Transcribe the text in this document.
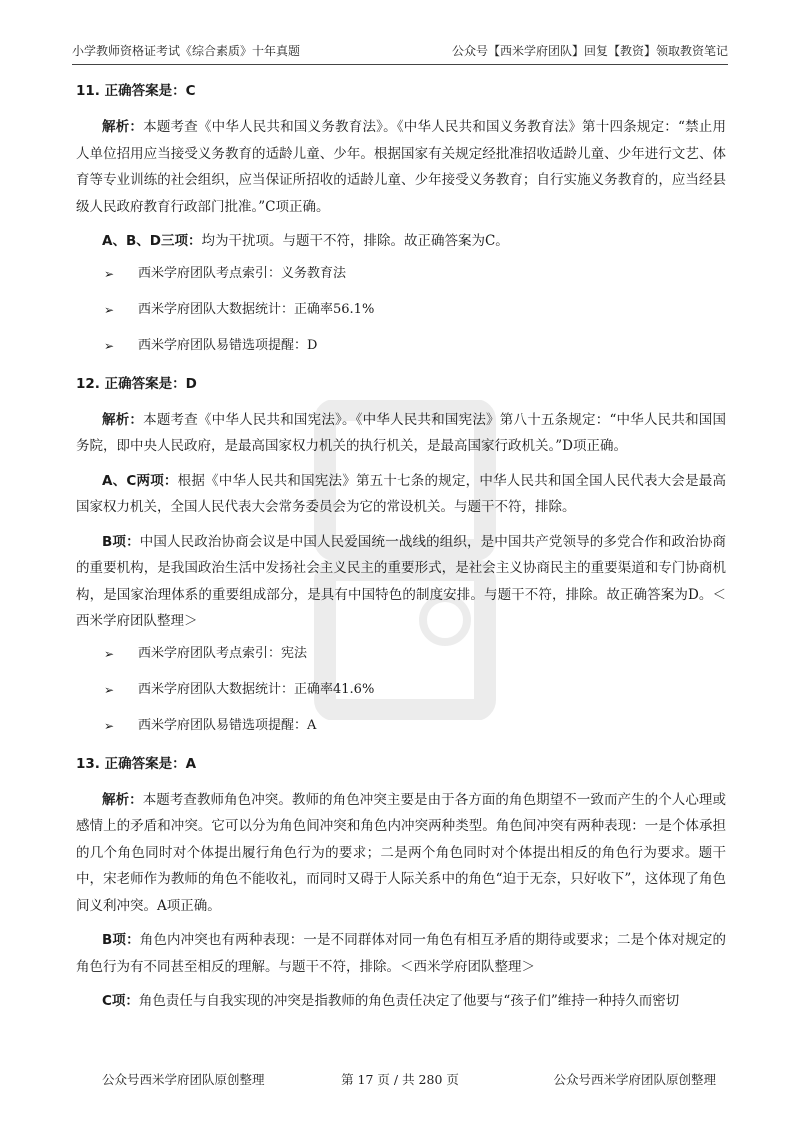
小学教师资格证考试《综合素质》十年真题	公众号【西米学府团队】回复【教资】领取教资笔记
11. 正确答案是：C

解析：本题考查《中华人民共和国义务教育法》。《中华人民共和国义务教育法》第十四条规定：“禁止用人单位招用应当接受义务教育的适龄儿童、少年。根据国家有关规定经批准招收适龄儿童、少年进行文艺、体育等专业训练的社会组织，应当保证所招收的适龄儿童、少年接受义务教育；自行实施义务教育的，应当经县级人民政府教育行政部门批准。”C项正确。

A、B、D三项：均为干扰项。与题干不符，排除。故正确答案为C。

➢	西米学府团队考点索引：义务教育法
➢	西米学府团队大数据统计：正确率56.1%
➢	西米学府团队易错选项提醒：D
12. 正确答案是：D

解析：本题考查《中华人民共和国宪法》。《中华人民共和国宪法》第八十五条规定：“中华人民共和国国务院，即中央人民政府，是最高国家权力机关的执行机关，是最高国家行政机关。”D项正确。

A、C两项：根据《中华人民共和国宪法》第五十七条的规定，中华人民共和国全国人民代表大会是最高国家权力机关，全国人民代表大会常务委员会为它的常设机关。与题干不符，排除。

B项：中国人民政治协商会议是中国人民爱国统一战线的组织，是中国共产党领导的多党合作和政治协商的重要机构，是我国政治生活中发扬社会主义民主的重要形式，是社会主义协商民主的重要渠道和专门协商机构，是国家治理体系的重要组成部分，是具有中国特色的制度安排。与题干不符，排除。故正确答案为D。＜西米学府团队整理＞

➢	西米学府团队考点索引：宪法
➢	西米学府团队大数据统计：正确率41.6%
➢	西米学府团队易错选项提醒：A
13. 正确答案是：A

解析：本题考查教师角色冲突。教师的角色冲突主要是由于各方面的角色期望不一致而产生的个人心理或感情上的矛盾和冲突。它可以分为角色间冲突和角色内冲突两种类型。角色间冲突有两种表现：一是个体承担的几个角色同时对个体提出履行角色行为的要求；二是两个角色同时对个体提出相反的角色行为要求。题干中，宋老师作为教师的角色不能收礼，而同时又碍于人际关系中的角色“迫于无奈，只好收下”，这体现了角色间义利冲突。A项正确。

B项：角色内冲突也有两种表现：一是不同群体对同一角色有相互矛盾的期待或要求；二是个体对规定的角色行为有不同甚至相反的理解。与题干不符，排除。＜西米学府团队整理＞

C项：角色责任与自我实现的冲突是指教师的角色责任决定了他要与“孩子们”维持一种持久而密切

公众号西米学府团队原创整理	第 17 页 / 共 280 页	公众号西米学府团队原创整理
